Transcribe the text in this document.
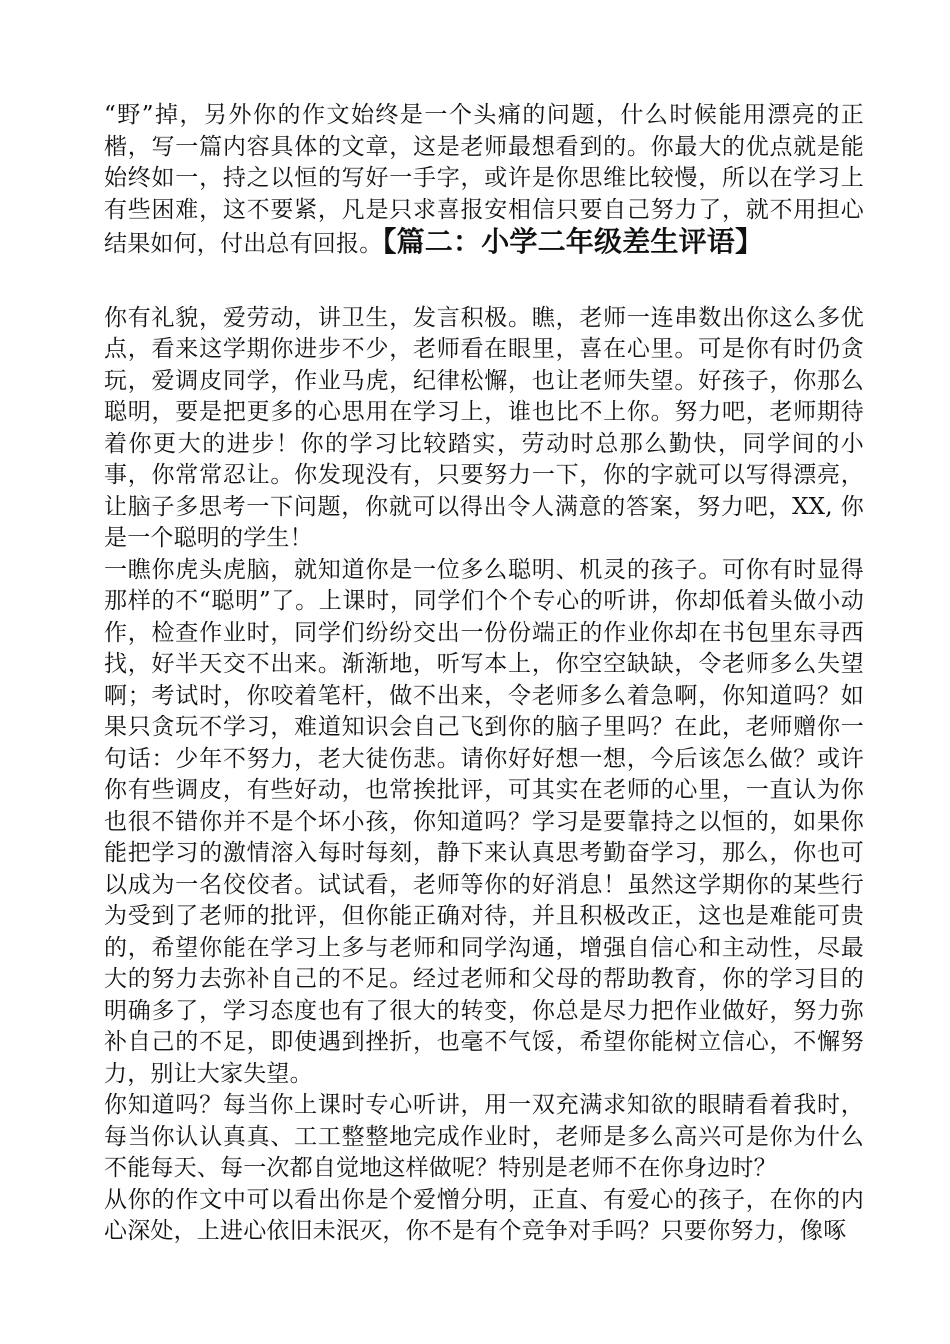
“野”掉，另外你的作文始终是一个头痛的问题，什么时候能用漂亮的正楷，写一篇内容具体的文章，这是老师最想看到的。你最大的优点就是能始终如一，持之以恒的写好一手字，或许是你思维比较慢，所以在学习上有些困难，这不要紧，凡是只求喜报安相信只要自己努力了，就不用担心结果如何，付出总有回报。【篇二：小学二年级差生评语】

你有礼貌，爱劳动，讲卫生，发言积极。瞧，老师一连串数出你这么多优点，看来这学期你进步不少，老师看在眼里，喜在心里。可是你有时仍贪玩，爱调皮同学，作业马虎，纪律松懈，也让老师失望。好孩子，你那么聪明，要是把更多的心思用在学习上，谁也比不上你。努力吧，老师期待着你更大的进步！你的学习比较踏实，劳动时总那么勤快，同学间的小事，你常常忍让。你发现没有，只要努力一下，你的字就可以写得漂亮，让脑子多思考一下问题，你就可以得出令人满意的答案，努力吧，XX, 你是一个聪明的学生！

一瞧你虎头虎脑，就知道你是一位多么聪明、机灵的孩子。可你有时显得那样的不“聪明”了。上课时，同学们个个专心的听讲，你却低着头做小动作，检查作业时，同学们纷纷交出一份份端正的作业你却在书包里东寻西找，好半天交不出来。渐渐地，听写本上，你空空缺缺，令老师多么失望啊；考试时，你咬着笔杆，做不出来，令老师多么着急啊，你知道吗？如果只贪玩不学习，难道知识会自己飞到你的脑子里吗？在此，老师赠你一句话：少年不努力，老大徒伤悲。请你好好想一想，今后该怎么做？或许你有些调皮，有些好动，也常挨批评，可其实在老师的心里，一直认为你也很不错你并不是个坏小孩，你知道吗？学习是要靠持之以恒的，如果你能把学习的激情溶入每时每刻，静下来认真思考勤奋学习，那么，你也可以成为一名佼佼者。试试看，老师等你的好消息！虽然这学期你的某些行为受到了老师的批评，但你能正确对待，并且积极改正，这也是难能可贵的，希望你能在学习上多与老师和同学沟通，增强自信心和主动性，尽最大的努力去弥补自己的不足。经过老师和父母的帮助教育，你的学习目的明确多了，学习态度也有了很大的转变，你总是尽力把作业做好，努力弥补自己的不足，即使遇到挫折，也毫不气馁，希望你能树立信心，不懈努力，别让大家失望。

你知道吗？每当你上课时专心听讲，用一双充满求知欲的眼睛看着我时，每当你认认真真、工工整整地完成作业时，老师是多么高兴可是你为什么不能每天、每一次都自觉地这样做呢？特别是老师不在你身边时？

从你的作文中可以看出你是个爱憎分明，正直、有爱心的孩子，在你的内心深处，上进心依旧未泯灭，你不是有个竞争对手吗？只要你努力，像啄
